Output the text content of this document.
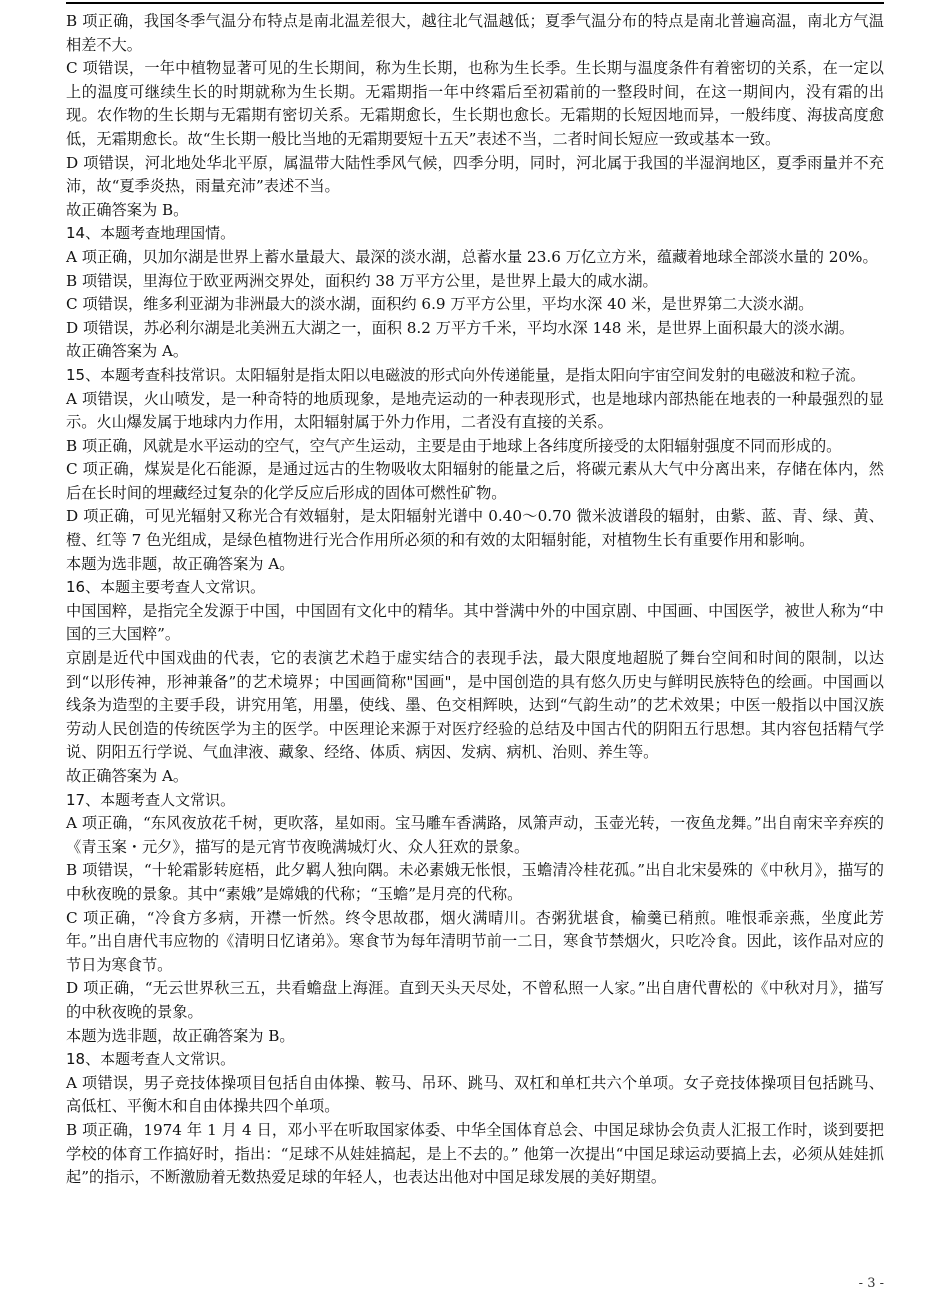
B 项正确，我国冬季气温分布特点是南北温差很大，越往北气温越低；夏季气温分布的特点是南北普遍高温，南北方气温相差不大。

C 项错误，一年中植物显著可见的生长期间，称为生长期，也称为生长季。生长期与温度条件有着密切的关系，在一定以上的温度可继续生长的时期就称为生长期。无霜期指一年中终霜后至初霜前的一整段时间，在这一期间内，没有霜的出现。农作物的生长期与无霜期有密切关系。无霜期愈长，生长期也愈长。无霜期的长短因地而异，一般纬度、海拔高度愈低，无霜期愈长。故“生长期一般比当地的无霜期要短十五天”表述不当，二者时间长短应一致或基本一致。

D 项错误，河北地处华北平原，属温带大陆性季风气候，四季分明，同时，河北属于我国的半湿润地区，夏季雨量并不充沛，故“夏季炎热，雨量充沛”表述不当。

故正确答案为 B。

14、本题考查地理国情。

A 项正确，贝加尔湖是世界上蓄水量最大、最深的淡水湖，总蓄水量 23.6 万亿立方米，蕴藏着地球全部淡水量的 20%。

B 项错误，里海位于欧亚两洲交界处，面积约 38 万平方公里，是世界上最大的咸水湖。

C 项错误，维多利亚湖为非洲最大的淡水湖，面积约 6.9 万平方公里，平均水深 40 米，是世界第二大淡水湖。

D 项错误，苏必利尔湖是北美洲五大湖之一，面积 8.2 万平方千米，平均水深 148 米，是世界上面积最大的淡水湖。

故正确答案为 A。

15、本题考查科技常识。太阳辐射是指太阳以电磁波的形式向外传递能量，是指太阳向宇宙空间发射的电磁波和粒子流。

A 项错误，火山喷发，是一种奇特的地质现象，是地壳运动的一种表现形式，也是地球内部热能在地表的一种最强烈的显示。火山爆发属于地球内力作用，太阳辐射属于外力作用，二者没有直接的关系。

B 项正确，风就是水平运动的空气，空气产生运动，主要是由于地球上各纬度所接受的太阳辐射强度不同而形成的。

C 项正确，煤炭是化石能源，是通过远古的生物吸收太阳辐射的能量之后，将碳元素从大气中分离出来，存储在体内，然后在长时间的埋藏经过复杂的化学反应后形成的固体可燃性矿物。

D 项正确，可见光辐射又称光合有效辐射，是太阳辐射光谱中 0.40～0.70 微米波谱段的辐射，由紫、蓝、青、绿、黄、橙、红等 7 色光组成，是绿色植物进行光合作用所必须的和有效的太阳辐射能，对植物生长有重要作用和影响。

本题为选非题，故正确答案为 A。

16、本题主要考查人文常识。

中国国粹，是指完全发源于中国，中国固有文化中的精华。其中誉满中外的中国京剧、中国画、中国医学，被世人称为“中国的三大国粹”。

京剧是近代中国戏曲的代表，它的表演艺术趋于虚实结合的表现手法，最大限度地超脱了舞台空间和时间的限制，以达到“以形传神，形神兼备”的艺术境界；中国画简称"国画"，是中国创造的具有悠久历史与鲜明民族特色的绘画。中国画以线条为造型的主要手段，讲究用笔，用墨，使线、墨、色交相辉映，达到“气韵生动”的艺术效果；中医一般指以中国汉族劳动人民创造的传统医学为主的医学。中医理论来源于对医疗经验的总结及中国古代的阴阳五行思想。其内容包括精气学说、阴阳五行学说、气血津液、藏象、经络、体质、病因、发病、病机、治则、养生等。

故正确答案为 A。

17、本题考查人文常识。

A 项正确，“东风夜放花千树，更吹落，星如雨。宝马雕车香满路，凤箫声动，玉壶光转，一夜鱼龙舞。”出自南宋辛弃疾的《青玉案・元夕》，描写的是元宵节夜晚满城灯火、众人狂欢的景象。

B 项错误，“十轮霜影转庭梧，此夕羁人独向隅。未必素娥无怅恨，玉蟾清冷桂花孤。”出自北宋晏殊的《中秋月》，描写的中秋夜晚的景象。其中“素娥”是嫦娥的代称；“玉蟾”是月亮的代称。

C 项正确，“冷食方多病，开襟一忻然。终令思故郡，烟火满晴川。杏粥犹堪食，榆羹已稍煎。唯恨乖亲燕，坐度此芳年。”出自唐代韦应物的《清明日忆诸弟》。寒食节为每年清明节前一二日，寒食节禁烟火，只吃冷食。因此，该作品对应的节日为寒食节。

D 项正确，“无云世界秋三五，共看蟾盘上海涯。直到天头天尽处，不曾私照一人家。”出自唐代曹松的《中秋对月》，描写的中秋夜晚的景象。

本题为选非题，故正确答案为 B。

18、本题考查人文常识。

A 项错误，男子竞技体操项目包括自由体操、鞍马、吊环、跳马、双杠和单杠共六个单项。女子竞技体操项目包括跳马、高低杠、平衡木和自由体操共四个单项。

B 项正确，1974 年 1 月 4 日，邓小平在听取国家体委、中华全国体育总会、中国足球协会负责人汇报工作时，谈到要把学校的体育工作搞好时，指出：“足球不从娃娃搞起，是上不去的。” 他第一次提出“中国足球运动要搞上去，必须从娃娃抓起”的指示，不断激励着无数热爱足球的年轻人，也表达出他对中国足球发展的美好期望。

- 3 -
